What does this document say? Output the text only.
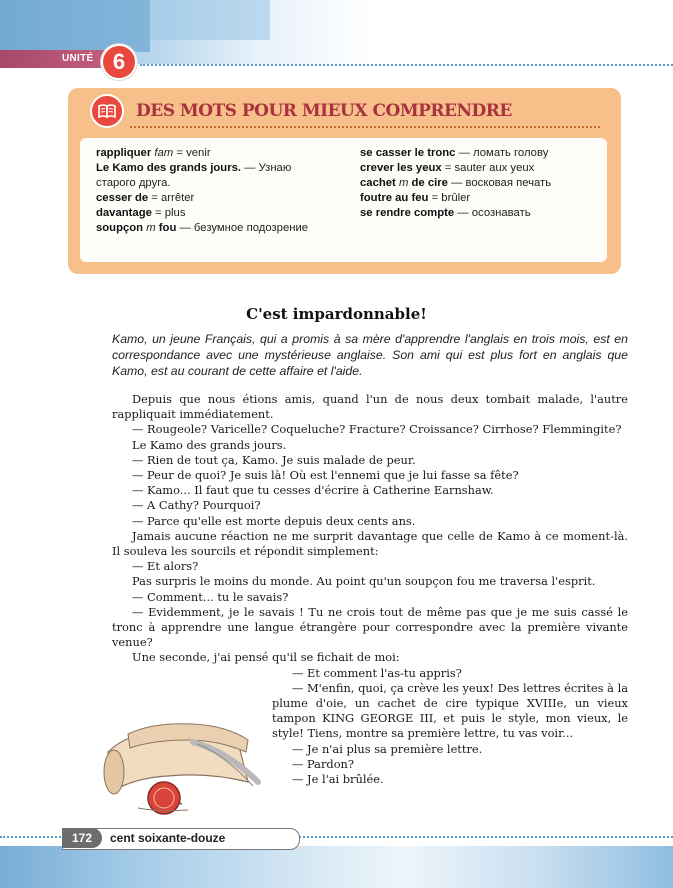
UNITÉ 6
DES MOTS POUR MIEUX COMPRENDRE
rappliquer fam = venir
Le Kamo des grands jours. — Узнаю старого друга.
cesser de = arrêter
davantage = plus
soupçon m fou — безумное подозрение
se casser le tronc — ломать голову
crever les yeux = sauter aux yeux
cachet m de cire — восковая печать
foutre au feu = brûler
se rendre compte — осознавать
C'est impardonnable!
Kamo, un jeune Français, qui a promis à sa mère d'apprendre l'anglais en trois mois, est en correspondance avec une mystérieuse anglaise. Son ami qui est plus fort en anglais que Kamo, est au courant de cette affaire et l'aide.

Depuis que nous étions amis, quand l'un de nous deux tombait malade, l'autre rappliquait immédiatement.

— Rougeole? Varicelle? Coqueluche? Fracture? Croissance? Cirrhose? Flemmingite?

Le Kamo des grands jours.

— Rien de tout ça, Kamo. Je suis malade de peur.

— Peur de quoi? Je suis là! Où est l'ennemi que je lui fasse sa fête?

— Kamo... Il faut que tu cesses d'écrire à Catherine Earnshaw.

— A Cathy? Pourquoi?

— Parce qu'elle est morte depuis deux cents ans.

Jamais aucune réaction ne me surprit davantage que celle de Kamo à ce moment-là. Il souleva les sourcils et répondit simplement:

— Et alors?

Pas surpris le moins du monde. Au point qu'un soupçon fou me traversa l'esprit.

— Comment... tu le savais?

— Evidemment, je le savais ! Tu ne crois tout de même pas que je me suis cassé le tronc à apprendre une langue étrangère pour correspondre avec la première vivante venue?

Une seconde, j'ai pensé qu'il se fichait de moi:

— Et comment l'as-tu appris?

— M'enfin, quoi, ça crève les yeux! Des lettres écrites à la plume d'oie, un cachet de cire typique XVIIIe, un vieux tampon KING GEORGE III, et puis le style, mon vieux, le style! Tiens, montre sa première lettre, tu vas voir...

— Je n'ai plus sa première lettre.

— Pardon?

— Je l'ai brûlée.

172	cent soixante-douze
